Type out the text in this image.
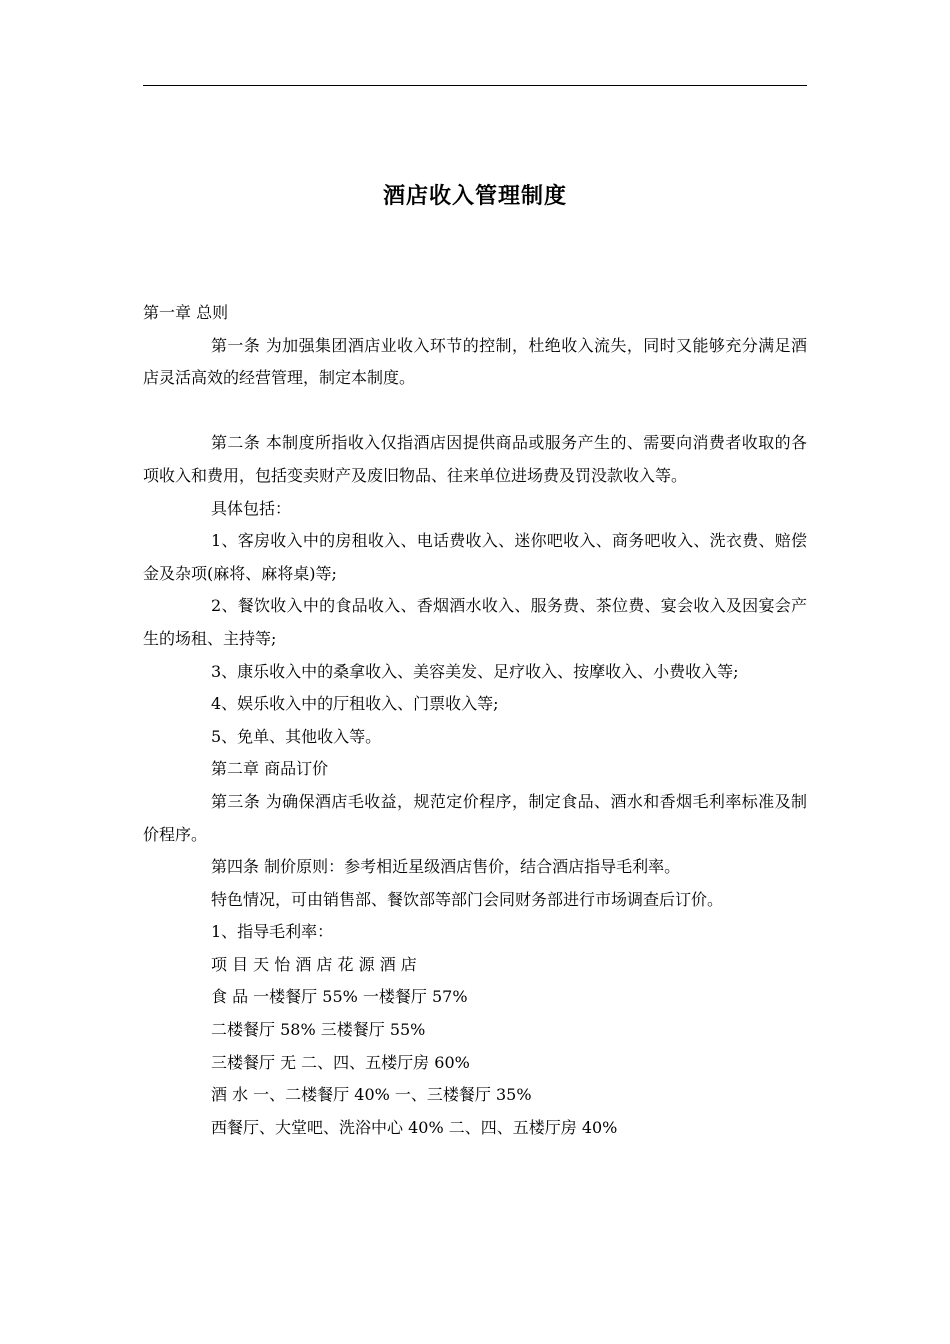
酒店收入管理制度

第一章 总则

第一条 为加强集团酒店业收入环节的控制，杜绝收入流失，同时又能够充分满足酒店灵活高效的经营管理，制定本制度。

第二条 本制度所指收入仅指酒店因提供商品或服务产生的、需要向消费者收取的各项收入和费用，包括变卖财产及废旧物品、往来单位进场费及罚没款收入等。

具体包括：

1、客房收入中的房租收入、电话费收入、迷你吧收入、商务吧收入、洗衣费、赔偿金及杂项(麻将、麻将桌)等;

2、餐饮收入中的食品收入、香烟酒水收入、服务费、茶位费、宴会收入及因宴会产生的场租、主持等;

3、康乐收入中的桑拿收入、美容美发、足疗收入、按摩收入、小费收入等;

4、娱乐收入中的厅租收入、门票收入等;

5、免单、其他收入等。

第二章 商品订价

第三条 为确保酒店毛收益，规范定价程序，制定食品、酒水和香烟毛利率标准及制价程序。

第四条 制价原则：参考相近星级酒店售价，结合酒店指导毛利率。

特色情况，可由销售部、餐饮部等部门会同财务部进行市场调查后订价。

1、指导毛利率：

项 目 天 怡 酒 店 花 源 酒 店

食 品 一楼餐厅 55% 一楼餐厅 57%

二楼餐厅 58% 三楼餐厅 55%

三楼餐厅 无 二、四、五楼厅房 60%

酒 水 一、二楼餐厅 40% 一、三楼餐厅 35%

西餐厅、大堂吧、洗浴中心 40% 二、四、五楼厅房 40%
